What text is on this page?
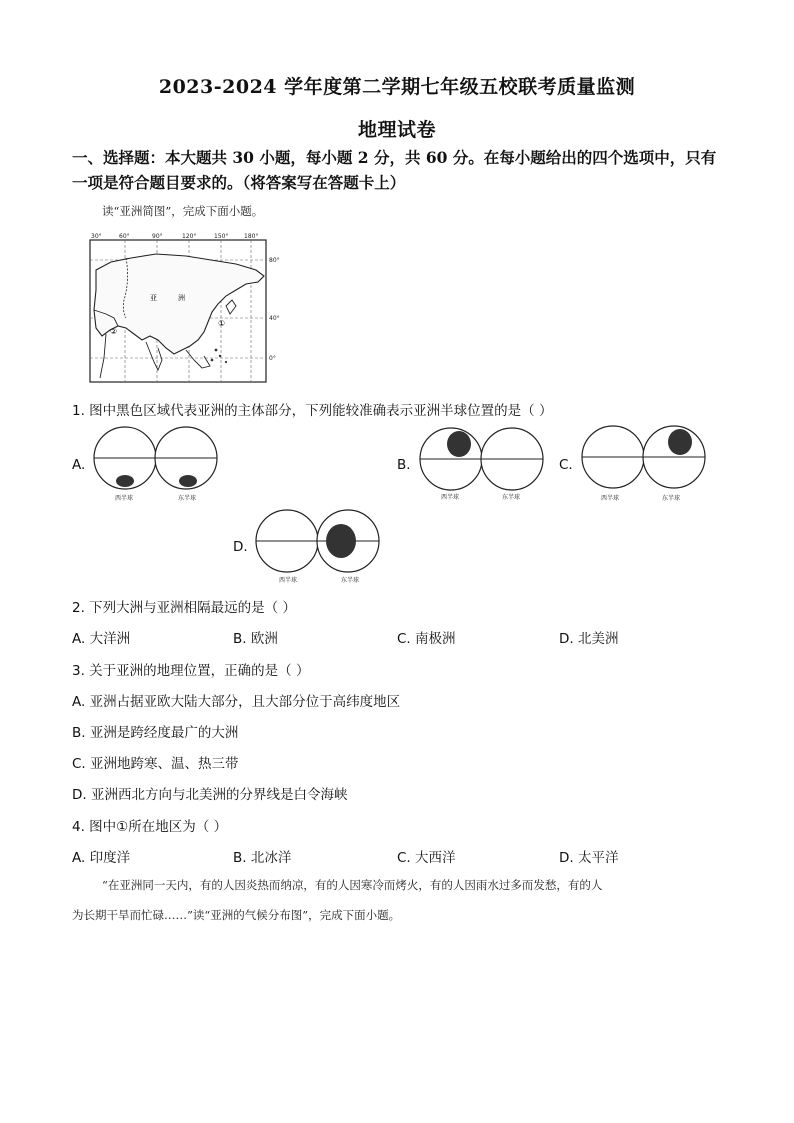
2023-2024 学年度第二学期七年级五校联考质量监测
地理试卷
一、选择题：本大题共 30 小题，每小题 2 分，共 60 分。在每小题给出的四个选项中，只有
一项是符合题目要求的。（将答案写在答题卡上）
读“亚洲简图”，完成下面小题。
30°	60°	90°	120°	150°	180°
80°
40°
0°
亚	洲
①
②
1. 图中黑色区域代表亚洲的主体部分，下列能较准确表示亚洲半球位置的是（ ）
A.
西半球	东半球
B.
西半球	东半球
C.
西半球	东半球
D.
西半球	东半球
2. 下列大洲与亚洲相隔最远的是（ ）
A. 大洋洲	B. 欧洲	C. 南极洲	D. 北美洲
3. 关于亚洲的地理位置，正确的是（ ）
A. 亚洲占据亚欧大陆大部分，且大部分位于高纬度地区
B. 亚洲是跨经度最广的大洲
C. 亚洲地跨寒、温、热三带
D. 亚洲西北方向与北美洲的分界线是白令海峡
4. 图中①所在地区为（ ）
A. 印度洋	B. 北冰洋	C. 大西洋	D. 太平洋
“在亚洲同一天内，有的人因炎热而纳凉，有的人因寒冷而烤火，有的人因雨水过多而发愁，有的人
为长期干旱而忙碌……”读“亚洲的气候分布图”，完成下面小题。
